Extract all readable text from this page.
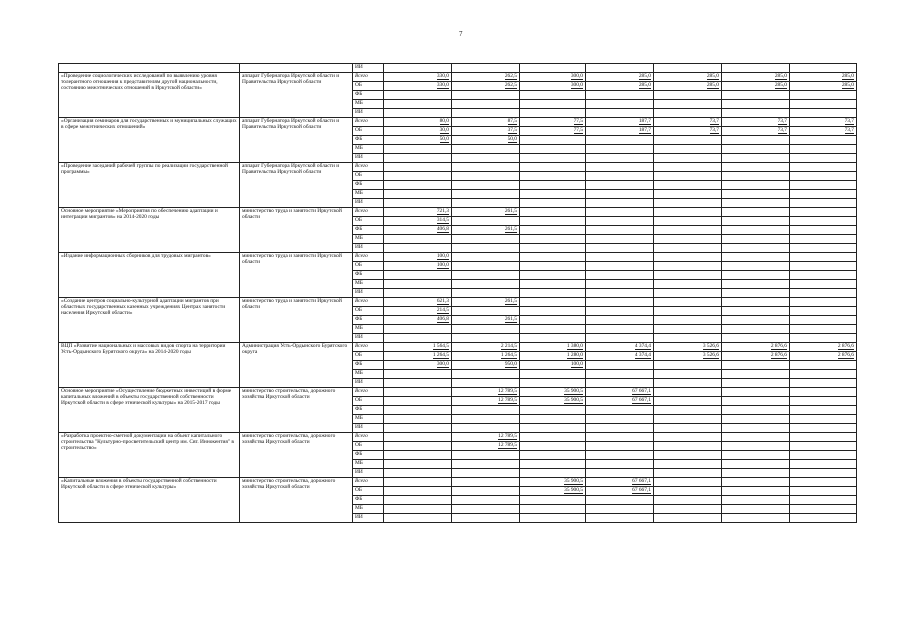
7
		ИИ							
«Проведение социологических исследований по выявлению уровня толерантного отношения к представителям другой национальности, состоянию межэтнических отношений в Иркутской области»	аппарат Губернатора Иркутской области и Правительства Иркутской области	Всего	330,0	262,5	300,0	285,0	285,0	285,0	285,0
		ОБ	330,0	262,5	300,0	285,0	285,0	285,0	285,0
		ФБ							
		МБ							
		ИИ							
«Организация семинаров для государственных и муниципальных служащих в сфере межэтнических отношений»	аппарат Губернатора Иркутской области и Правительства Иркутской области	Всего	80,0	87,5	77,5	187,7	73,7	73,7	73,7
		ОБ	30,0	37,5	77,5	187,7	73,7	73,7	73,7
		ФБ	50,0	50,0					
		МБ							
		ИИ							
«Проведение заседаний рабочей группы по реализации государственной программы»	аппарат Губернатора Иркутской области и Правительства Иркутской области	Всего							
		ОБ							
		ФБ							
		МБ							
		ИИ							
Основное мероприятие «Мероприятия по обеспечению адаптации и интеграции мигрантов» на 2014-2020 годы	министерство труда и занятости Иркутской области	Всего	721,3	261,5					
		ОБ	314,5						
		ФБ	406,8	261,5					
		МБ							
		ИИ							
«Издание информационных сборников для трудовых мигрантов»	министерство труда и занятости Иркутской области	Всего	100,0						
		ОБ	100,0						
		ФБ							
		МБ							
		ИИ							
«Создание центров социально-культурной адаптации мигрантов при областных государственных казенных учреждениях Центрах занятости населения Иркутской области»	министерство труда и занятости Иркутской области	Всего	621,3	261,5					
		ОБ	214,5						
		ФБ	406,8	261,5					
		МБ							
		ИИ							
ВЦП «Развитие национальных и массовых видов спорта на территории Усть-Ордынского Бурятского округа» на 2014-2020 годы	Администрация Усть-Ордынского Бурятского округа	Всего	1 564,5	2 214,5	1 380,0	4 374,4	3 526,6	2 876,6	2 876,6
		ОБ	1 264,5	1 264,5	1 280,0	4 374,4	3 526,6	2 876,6	2 876,6
		ФБ	300,0	950,0	100,0				
		МБ							
		ИИ							
Основное мероприятие «Осуществление бюджетных инвестиций в форме капитальных вложений в объекты государственной собственности Иркутской области в сфере этнической культуры» на 2015-2017 годы	министерство строительства, дорожного хозяйства Иркутской области	Всего		12 789,5	35 900,5	67 667,1			
		ОБ		12 789,5	35 900,5	67 667,1			
		ФБ							
		МБ							
		ИИ							
«Разработка проектно-сметной документации на объект капитального строительства "Культурно-просветительский центр им. Свт. Иннокентия" в строительство»	министерство строительства, дорожного хозяйства Иркутской области	Всего		12 789,5					
		ОБ		12 789,5					
		ФБ							
		МБ							
		ИИ							
«Капитальные вложения в объекты государственной собственности Иркутской области в сфере этнической культуры»	министерство строительства, дорожного хозяйства Иркутской области	Всего			35 900,5	67 667,1			
		ОБ			35 900,5	67 667,1			
		ФБ							
		МБ							
		ИИ							
